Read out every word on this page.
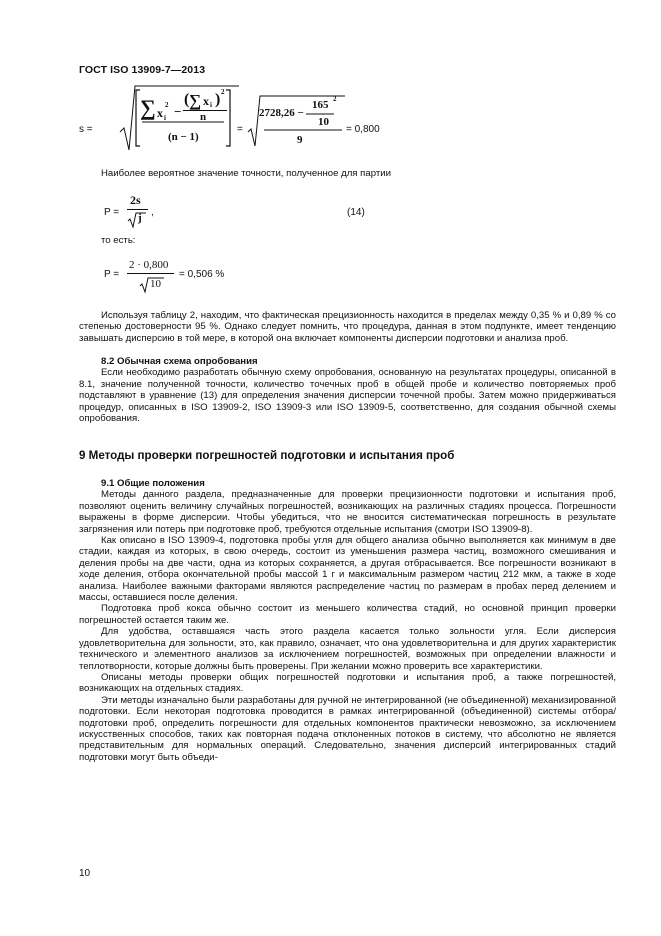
ГОСТ ISO 13909-7—2013
s =
∑ x i
2 −
( ∑ x i ) 2
n
(n − 1)
=
2728,26 −
165 2
10
9
= 0,800

Наиболее вероятное значение точности, полученное для партии

P =
2s
j ,	(14)

то есть:

P =
2 · 0,800
10
= 0,506 %

Используя таблицу 2, находим, что фактическая прецизионность находится в пределах между 0,35 % и 0,89 % со степенью достоверности 95 %. Однако следует помнить, что процедура, данная в этом подпункте, имеет тенденцию завышать дисперсию в той мере, в которой она включает компоненты дисперсии подготовки и анализа проб.

8.2 Обычная схема опробования

Если необходимо разработать обычную схему опробования, основанную на результатах процедуры, описанной в 8.1, значение полученной точности, количество точечных проб в общей пробе и количество повторяемых проб подставляют в уравнение (13) для определения значения дисперсии точечной пробы. Затем можно придерживаться процедур, описанных в ISO 13909-2, ISO 13909-3 или ISO 13909-5, соответственно, для создания обычной схемы опробования.

9 Методы проверки погрешностей подготовки и испытания проб

9.1 Общие положения

Методы данного раздела, предназначенные для проверки прецизионности подготовки и испытания проб, позволяют оценить величину случайных погрешностей, возникающих на различных стадиях процесса. Погрешности выражены в форме дисперсии. Чтобы убедиться, что не вносится систематическая погрешность в результате загрязнения или потерь при подготовке проб, требуются отдельные испытания (смотри ISO 13909-8).

Как описано в ISO 13909-4, подготовка пробы угля для общего анализа обычно выполняется как минимум в две стадии, каждая из которых, в свою очередь, состоит из уменьшения размера частиц, возможного смешивания и деления пробы на две части, одна из которых сохраняется, а другая отбрасывается. Все погрешности возникают в ходе деления, отбора окончательной пробы массой 1 г и максимальным размером частиц 212 мкм, а также в ходе анализа. Наиболее важными факторами являются распределение частиц по размерам в пробах перед делением и массы, оставшиеся после деления.

Подготовка проб кокса обычно состоит из меньшего количества стадий, но основной принцип проверки погрешностей остается таким же.

Для удобства, оставшаяся часть этого раздела касается только зольности угля. Если дисперсия удовлетворительна для зольности, это, как правило, означает, что она удовлетворительна и для других характеристик технического и элементного анализов за исключением погрешностей, возможных при определении влажности и теплотворности, которые должны быть проверены. При желании можно проверить все характеристики.

Описаны методы проверки общих погрешностей подготовки и испытания проб, а также погрешностей, возникающих на отдельных стадиях.

Эти методы изначально были разработаны для ручной не интегрированной (не объединенной) механизированной подготовки. Если некоторая подготовка проводится в рамках интегрированной (объединенной) системы отбора/подготовки проб, определить погрешности для отдельных компонентов практически невозможно, за исключением искусственных способов, таких как повторная подача отклоненных потоков в систему, что абсолютно не является представительным для нормальных операций. Следовательно, значения дисперсий интегрированных стадий подготовки могут быть объеди-

10
